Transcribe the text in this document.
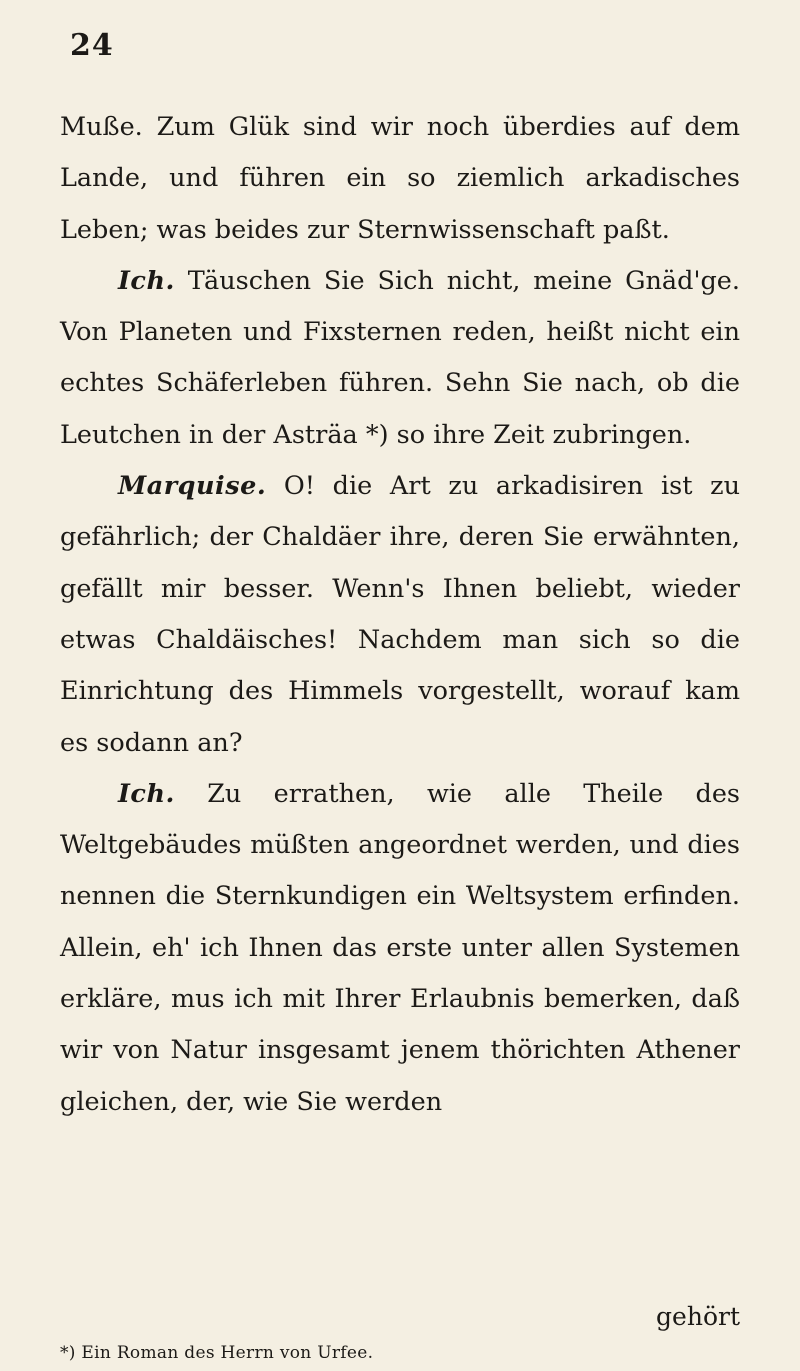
24

Muße. Zum Glük sind wir noch überdies auf dem Lande, und führen ein so ziemlich arkadisches Leben; was beides zur Sternwissenschaft paßt.

Ich. Täuschen Sie Sich nicht, meine Gnäd'ge. Von Planeten und Fixsternen reden, heißt nicht ein echtes Schäferleben führen. Sehn Sie nach, ob die Leutchen in der Asträa *) so ihre Zeit zubringen.

Marquise. O! die Art zu arkadisiren ist zu gefährlich; der Chaldäer ihre, deren Sie erwähnten, gefällt mir besser. Wenn's Ihnen beliebt, wieder etwas Chaldäisches! Nachdem man sich so die Einrichtung des Himmels vorgestellt, worauf kam es sodann an?

Ich. Zu errathen, wie alle Theile des Weltgebäudes müßten angeordnet werden, und dies nennen die Sternkundigen ein Weltsystem erfinden. Allein, eh' ich Ihnen das erste unter allen Systemen erkläre, mus ich mit Ihrer Erlaubnis bemerken, daß wir von Natur insgesamt jenem thörichten Athener gleichen, der, wie Sie werden

gehört
*) Ein Roman des Herrn von Urfee.
